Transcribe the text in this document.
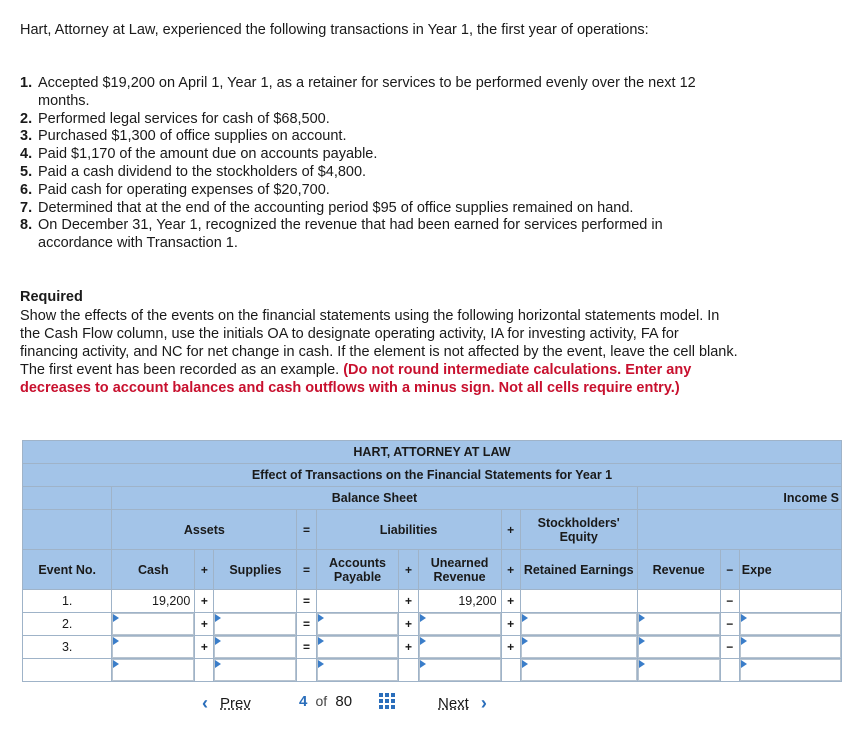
Hart, Attorney at Law, experienced the following transactions in Year 1, the first year of operations:
1. Accepted $19,200 on April 1, Year 1, as a retainer for services to be performed evenly over the next 12 months.
2. Performed legal services for cash of $68,500.
3. Purchased $1,300 of office supplies on account.
4. Paid $1,170 of the amount due on accounts payable.
5. Paid a cash dividend to the stockholders of $4,800.
6. Paid cash for operating expenses of $20,700.
7. Determined that at the end of the accounting period $95 of office supplies remained on hand.
8. On December 31, Year 1, recognized the revenue that had been earned for services performed in accordance with Transaction 1.
Required
Show the effects of the events on the financial statements using the following horizontal statements model. In the Cash Flow column, use the initials OA to designate operating activity, IA for investing activity, FA for financing activity, and NC for net change in cash. If the element is not affected by the event, leave the cell blank. The first event has been recorded as an example. (Do not round intermediate calculations. Enter any decreases to account balances and cash outflows with a minus sign. Not all cells require entry.)
HART, ATTORNEY AT LAW												
Effect of Transactions on the Financial Statements for Year 1												
	Balance Sheet									Income S		
	Assets			=	Liabilities			+	Stockholders' Equity			
Event No.	Cash	+	Supplies	=	Accounts Payable	+	Unearned Revenue	+	Retained Earnings	Revenue	−	Expe
1.	19,200	+		=		+	19,200	+			−	
2.		+		=		+		+			−	

3.		+		=		+		+			−	

‹ Prev	4 of 80	Next ›
